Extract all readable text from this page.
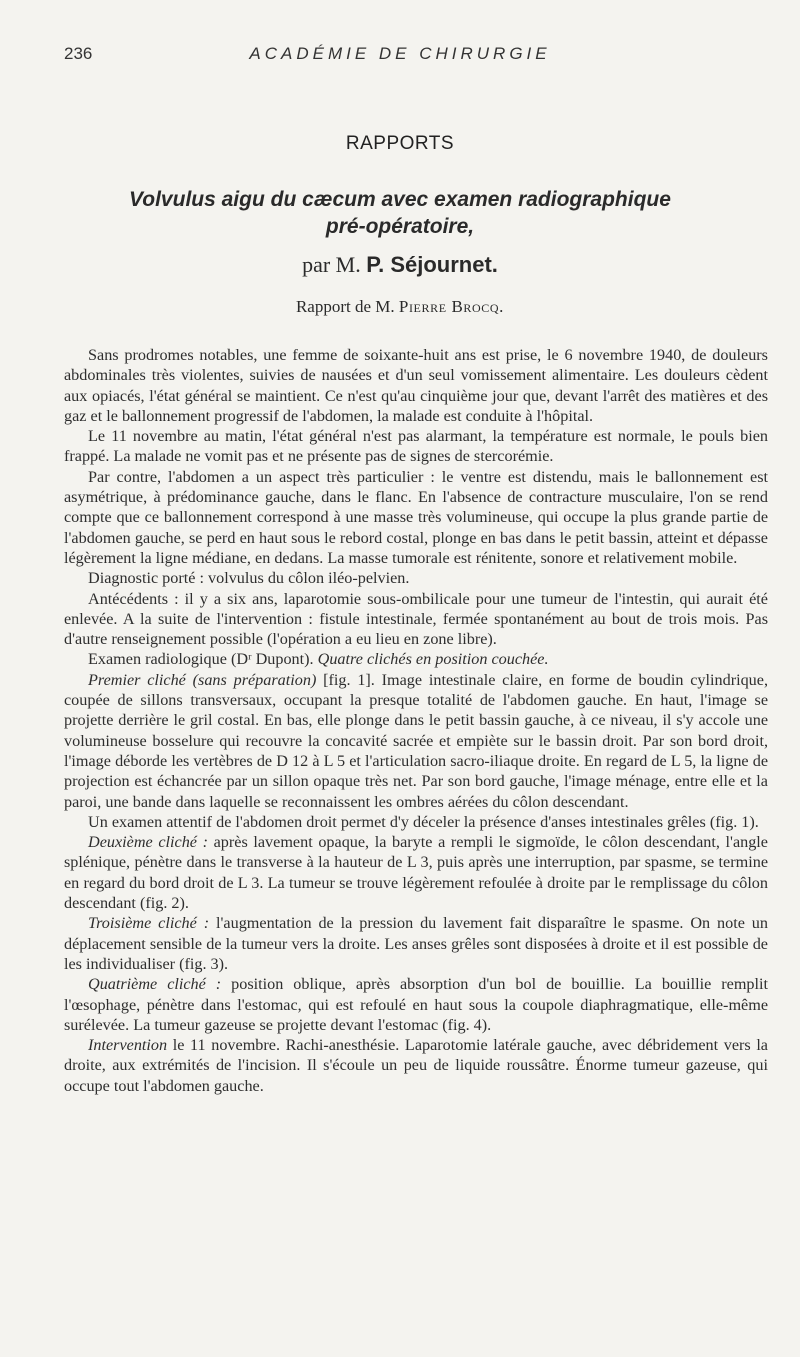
236	ACADÉMIE DE CHIRURGIE
RAPPORTS
Volvulus aigu du cæcum avec examen radiographique
pré-opératoire,
par M. P. Séjournet.
Rapport de M. Pierre Brocq.

Sans prodromes notables, une femme de soixante-huit ans est prise, le 6 novembre 1940, de douleurs abdominales très violentes, suivies de nausées et d'un seul vomissement alimentaire. Les douleurs cèdent aux opiacés, l'état général se maintient. Ce n'est qu'au cinquième jour que, devant l'arrêt des matières et des gaz et le ballonnement progressif de l'abdomen, la malade est conduite à l'hôpital.

Le 11 novembre au matin, l'état général n'est pas alarmant, la température est normale, le pouls bien frappé. La malade ne vomit pas et ne présente pas de signes de stercorémie.

Par contre, l'abdomen a un aspect très particulier : le ventre est distendu, mais le ballonnement est asymétrique, à prédominance gauche, dans le flanc. En l'absence de contracture musculaire, l'on se rend compte que ce ballonnement correspond à une masse très volumineuse, qui occupe la plus grande partie de l'abdomen gauche, se perd en haut sous le rebord costal, plonge en bas dans le petit bassin, atteint et dépasse légèrement la ligne médiane, en dedans. La masse tumorale est rénitente, sonore et relativement mobile.

Diagnostic porté : volvulus du côlon iléo-pelvien.

Antécédents : il y a six ans, laparotomie sous-ombilicale pour une tumeur de l'intestin, qui aurait été enlevée. A la suite de l'intervention : fistule intestinale, fermée spontanément au bout de trois mois. Pas d'autre renseignement possible (l'opération a eu lieu en zone libre).

Examen radiologique (Dʳ Dupont). Quatre clichés en position couchée.

Premier cliché (sans préparation) [fig. 1]. Image intestinale claire, en forme de boudin cylindrique, coupée de sillons transversaux, occupant la presque totalité de l'abdomen gauche. En haut, l'image se projette derrière le gril costal. En bas, elle plonge dans le petit bassin gauche, à ce niveau, il s'y accole une volumineuse bosselure qui recouvre la concavité sacrée et empiète sur le bassin droit. Par son bord droit, l'image déborde les vertèbres de D 12 à L 5 et l'articulation sacro-iliaque droite. En regard de L 5, la ligne de projection est échancrée par un sillon opaque très net. Par son bord gauche, l'image ménage, entre elle et la paroi, une bande dans laquelle se reconnaissent les ombres aérées du côlon descendant.

Un examen attentif de l'abdomen droit permet d'y déceler la présence d'anses intestinales grêles (fig. 1).

Deuxième cliché : après lavement opaque, la baryte a rempli le sigmoïde, le côlon descendant, l'angle splénique, pénètre dans le transverse à la hauteur de L 3, puis après une interruption, par spasme, se termine en regard du bord droit de L 3. La tumeur se trouve légèrement refoulée à droite par le remplissage du côlon descendant (fig. 2).

Troisième cliché : l'augmentation de la pression du lavement fait disparaître le spasme. On note un déplacement sensible de la tumeur vers la droite. Les anses grêles sont disposées à droite et il est possible de les individualiser (fig. 3).

Quatrième cliché : position oblique, après absorption d'un bol de bouillie. La bouillie remplit l'œsophage, pénètre dans l'estomac, qui est refoulé en haut sous la coupole diaphragmatique, elle-même surélevée. La tumeur gazeuse se projette devant l'estomac (fig. 4).

Intervention le 11 novembre. Rachi-anesthésie. Laparotomie latérale gauche, avec débridement vers la droite, aux extrémités de l'incision. Il s'écoule un peu de liquide roussâtre. Énorme tumeur gazeuse, qui occupe tout l'abdomen gauche.
